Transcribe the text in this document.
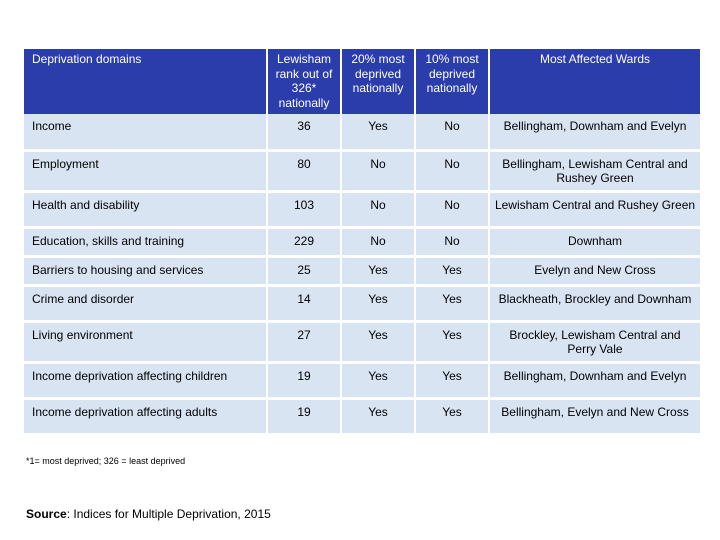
Deprivation domains	Lewisham rank out of 326* nationally	20% most deprived nationally	10% most deprived nationally	Most Affected Wards
Income	36	Yes	No	Bellingham, Downham and Evelyn
Employment	80	No	No	Bellingham, Lewisham Central and Rushey Green
Health and disability	103	No	No	Lewisham Central and Rushey Green
Education, skills and training	229	No	No	Downham
Barriers to housing and services	25	Yes	Yes	Evelyn and New Cross
Crime and disorder	14	Yes	Yes	Blackheath, Brockley and Downham
Living environment	27	Yes	Yes	Brockley, Lewisham Central and Perry Vale
Income deprivation affecting children	19	Yes	Yes	Bellingham, Downham and Evelyn
Income deprivation affecting adults	19	Yes	Yes	Bellingham, Evelyn and New Cross
*1= most deprived; 326 = least deprived
Source: Indices for Multiple Deprivation, 2015
